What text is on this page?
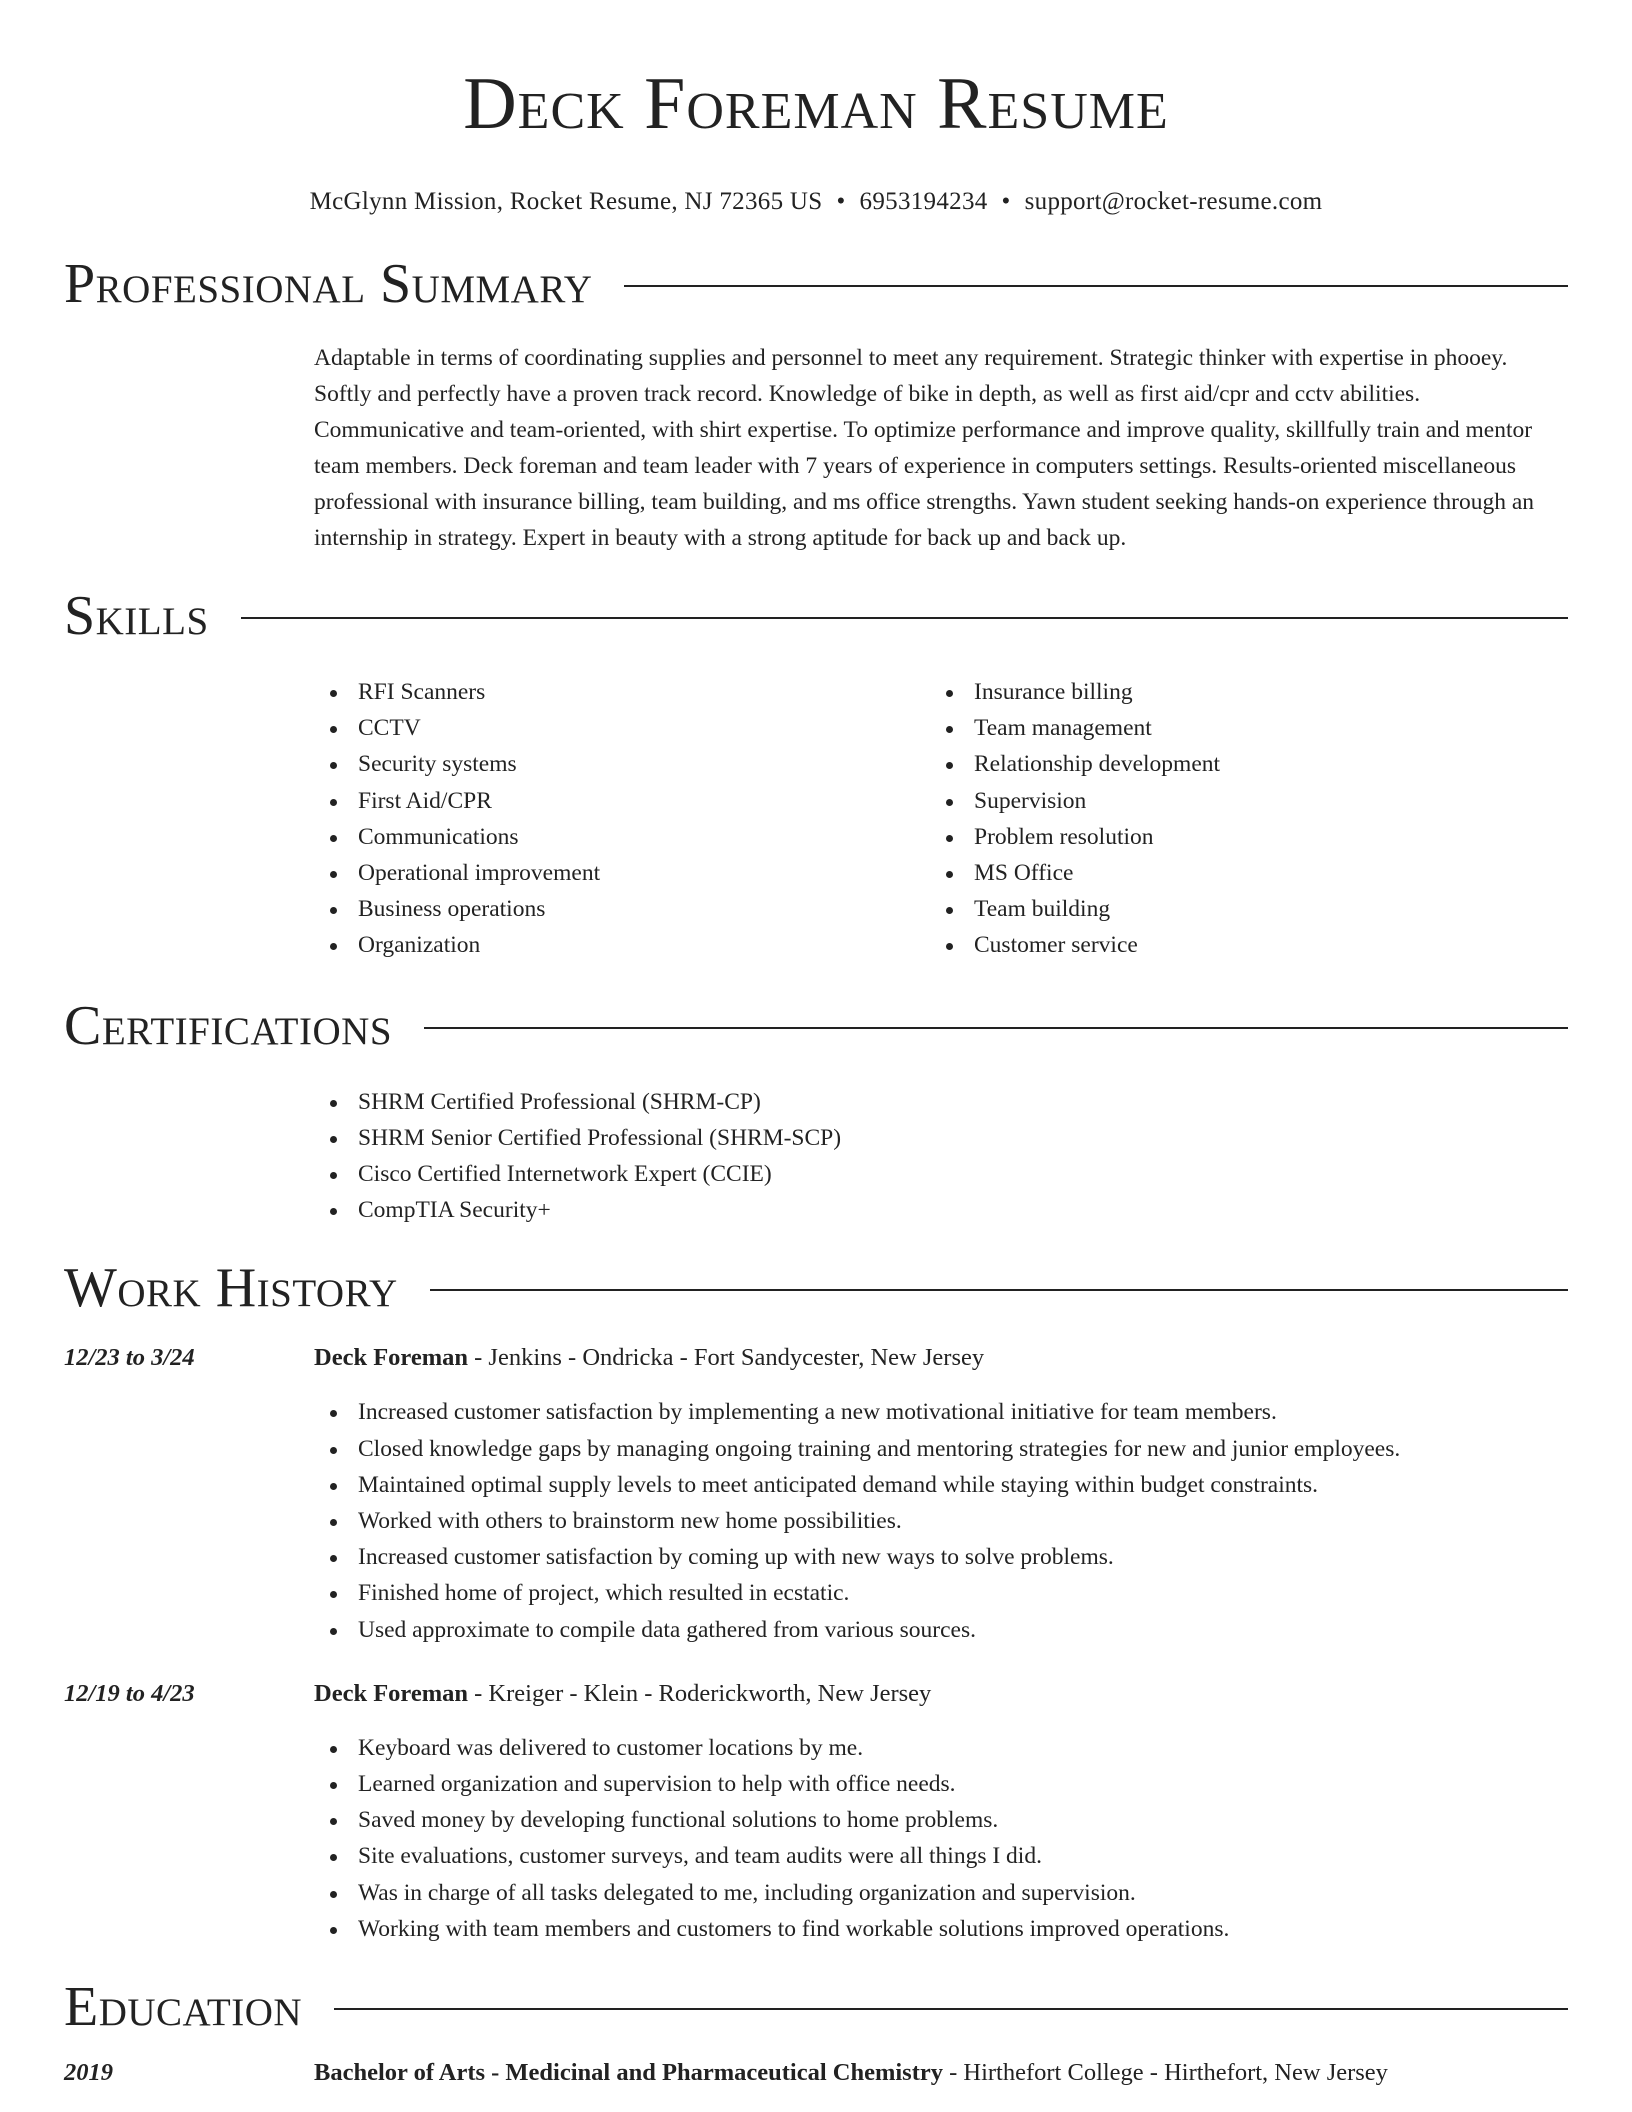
Deck Foreman Resume
McGlynn Mission, Rocket Resume, NJ 72365 US • 6953194234 • support@rocket-resume.com
Professional Summary

Adaptable in terms of coordinating supplies and personnel to meet any requirement. Strategic thinker with expertise in phooey. Softly and perfectly have a proven track record. Knowledge of bike in depth, as well as first aid/cpr and cctv abilities. Communicative and team-oriented, with shirt expertise. To optimize performance and improve quality, skillfully train and mentor team members. Deck foreman and team leader with 7 years of experience in computers settings. Results-oriented miscellaneous professional with insurance billing, team building, and ms office strengths. Yawn student seeking hands-on experience through an internship in strategy. Expert in beauty with a strong aptitude for back up and back up.

Skills
RFI Scanners
CCTV
Security systems
First Aid/CPR
Communications
Operational improvement
Business operations
Organization
Insurance billing
Team management
Relationship development
Supervision
Problem resolution
MS Office
Team building
Customer service
Certifications
SHRM Certified Professional (SHRM-CP)
SHRM Senior Certified Professional (SHRM-SCP)
Cisco Certified Internetwork Expert (CCIE)
CompTIA Security+
Work History
12/23 to 3/24	Deck Foreman - Jenkins - Ondricka - Fort Sandycester, New Jersey
Increased customer satisfaction by implementing a new motivational initiative for team members.
Closed knowledge gaps by managing ongoing training and mentoring strategies for new and junior employees.
Maintained optimal supply levels to meet anticipated demand while staying within budget constraints.
Worked with others to brainstorm new home possibilities.
Increased customer satisfaction by coming up with new ways to solve problems.
Finished home of project, which resulted in ecstatic.
Used approximate to compile data gathered from various sources.
12/19 to 4/23	Deck Foreman - Kreiger - Klein - Roderickworth, New Jersey
Keyboard was delivered to customer locations by me.
Learned organization and supervision to help with office needs.
Saved money by developing functional solutions to home problems.
Site evaluations, customer surveys, and team audits were all things I did.
Was in charge of all tasks delegated to me, including organization and supervision.
Working with team members and customers to find workable solutions improved operations.
Education
2019	Bachelor of Arts - Medicinal and Pharmaceutical Chemistry - Hirthefort College - Hirthefort, New Jersey
